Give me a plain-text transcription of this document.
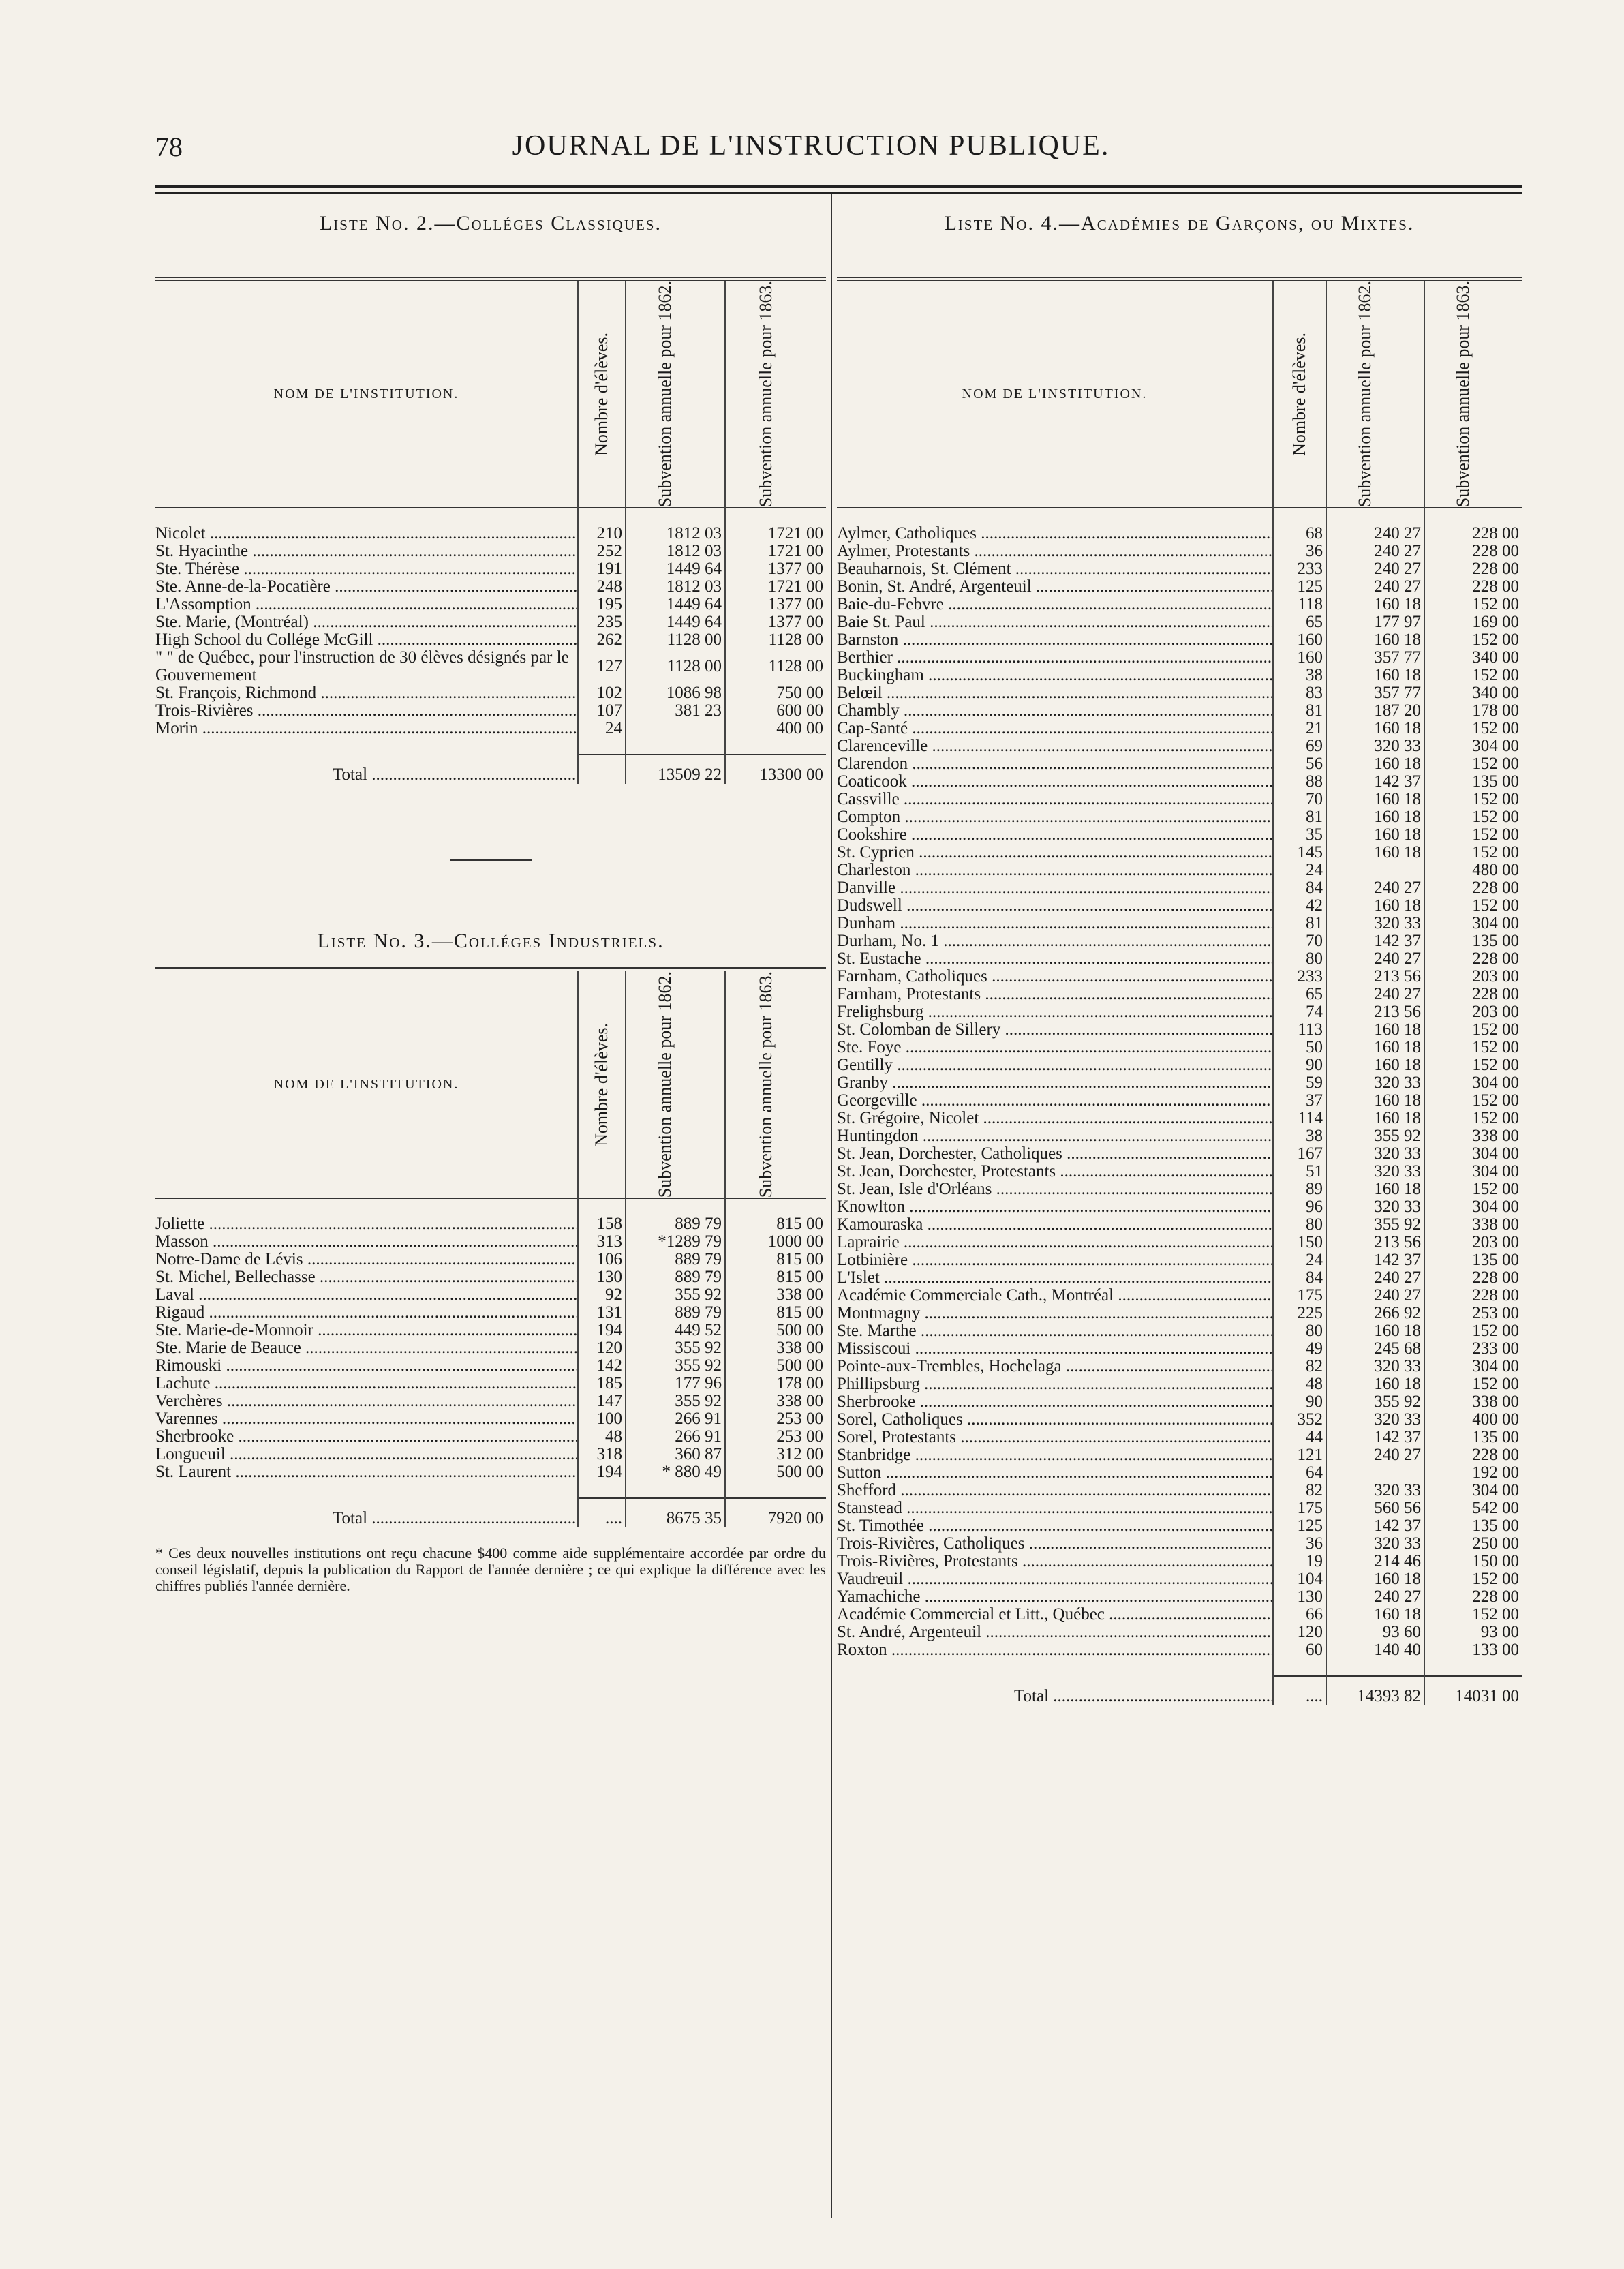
78	JOURNAL DE L'INSTRUCTION PUBLIQUE.
Liste No. 2.—Colléges Classiques.
NOM DE L'INSTITUTION.	Nombre d'élèves.	Subvention annuelle pour 1862.	Subvention annuelle pour 1863.

Nicolet .....	210	1812 03	1721 00
St. Hyacinthe .....	252	1812 03	1721 00
Ste. Thérèse .....	191	1449 64	1377 00
Ste. Anne-de-la-Pocatière .....	248	1812 03	1721 00
L'Assomption .....	195	1449 64	1377 00
Ste. Marie, (Montréal) .....	235	1449 64	1377 00
High School du Collége McGill .....	262	1128 00	1128 00
" " de Québec, pour l'instruction de 30 élèves désignés par le Gouvernement	127	1128 00	1128 00
St. François, Richmond .....	102	1086 98	750 00
Trois-Rivières .....	107	381 23	600 00
Morin .....	24		400 00

Total .....		13509 22	13300 00
Liste No. 3.—Colléges Industriels.
NOM DE L'INSTITUTION.	Nombre d'élèves.	Subvention annuelle pour 1862.	Subvention annuelle pour 1863.

Joliette .....	158	889 79	815 00
Masson .....	313	*1289 79	1000 00
Notre-Dame de Lévis .....	106	889 79	815 00
St. Michel, Bellechasse .....	130	889 79	815 00
Laval .....	92	355 92	338 00
Rigaud .....	131	889 79	815 00
Ste. Marie-de-Monnoir .....	194	449 52	500 00
Ste. Marie de Beauce .....	120	355 92	338 00
Rimouski .....	142	355 92	500 00
Lachute .....	185	177 96	178 00
Verchères .....	147	355 92	338 00
Varennes .....	100	266 91	253 00
Sherbrooke .....	48	266 91	253 00
Longueuil .....	318	360 87	312 00
St. Laurent .....	194	* 880 49	500 00

Total .....	....	8675 35	7920 00
* Ces deux nouvelles institutions ont reçu chacune $400 comme aide supplémentaire accordée par ordre du conseil législatif, depuis la publication du Rapport de l'année dernière ; ce qui explique la différence avec les chiffres publiés l'année dernière.
Liste No. 4.—Académies de Garçons, ou Mixtes.
NOM DE L'INSTITUTION.	Nombre d'élèves.	Subvention annuelle pour 1862.	Subvention annuelle pour 1863.

Aylmer, Catholiques .....	68	240 27	228 00
Aylmer, Protestants .....	36	240 27	228 00
Beauharnois, St. Clément .....	233	240 27	228 00
Bonin, St. André, Argenteuil .....	125	240 27	228 00
Baie-du-Febvre .....	118	160 18	152 00
Baie St. Paul .....	65	177 97	169 00
Barnston .....	160	160 18	152 00
Berthier .....	160	357 77	340 00
Buckingham .....	38	160 18	152 00
Belœil .....	83	357 77	340 00
Chambly .....	81	187 20	178 00
Cap-Santé .....	21	160 18	152 00
Clarenceville .....	69	320 33	304 00
Clarendon .....	56	160 18	152 00
Coaticook .....	88	142 37	135 00
Cassville .....	70	160 18	152 00
Compton .....	81	160 18	152 00
Cookshire .....	35	160 18	152 00
St. Cyprien .....	145	160 18	152 00
Charleston .....	24		480 00
Danville .....	84	240 27	228 00
Dudswell .....	42	160 18	152 00
Dunham .....	81	320 33	304 00
Durham, No. 1 .....	70	142 37	135 00
St. Eustache .....	80	240 27	228 00
Farnham, Catholiques .....	233	213 56	203 00
Farnham, Protestants .....	65	240 27	228 00
Frelighsburg .....	74	213 56	203 00
St. Colomban de Sillery .....	113	160 18	152 00
Ste. Foye .....	50	160 18	152 00
Gentilly .....	90	160 18	152 00
Granby .....	59	320 33	304 00
Georgeville .....	37	160 18	152 00
St. Grégoire, Nicolet .....	114	160 18	152 00
Huntingdon .....	38	355 92	338 00
St. Jean, Dorchester, Catholiques .....	167	320 33	304 00
St. Jean, Dorchester, Protestants .....	51	320 33	304 00
St. Jean, Isle d'Orléans .....	89	160 18	152 00
Knowlton .....	96	320 33	304 00
Kamouraska .....	80	355 92	338 00
Laprairie .....	150	213 56	203 00
Lotbinière .....	24	142 37	135 00
L'Islet .....	84	240 27	228 00
Académie Commerciale Cath., Montréal .....	175	240 27	228 00
Montmagny .....	225	266 92	253 00
Ste. Marthe .....	80	160 18	152 00
Missiscoui .....	49	245 68	233 00
Pointe-aux-Trembles, Hochelaga .....	82	320 33	304 00
Phillipsburg .....	48	160 18	152 00
Sherbrooke .....	90	355 92	338 00
Sorel, Catholiques .....	352	320 33	400 00
Sorel, Protestants .....	44	142 37	135 00
Stanbridge .....	121	240 27	228 00
Sutton .....	64		192 00
Shefford .....	82	320 33	304 00
Stanstead .....	175	560 56	542 00
St. Timothée .....	125	142 37	135 00
Trois-Rivières, Catholiques .....	36	320 33	250 00
Trois-Rivières, Protestants .....	19	214 46	150 00
Vaudreuil .....	104	160 18	152 00
Yamachiche .....	130	240 27	228 00
Académie Commercial et Litt., Québec .....	66	160 18	152 00
St. André, Argenteuil .....	120	93 60	93 00
Roxton .....	60	140 40	133 00

Total .....	....	14393 82	14031 00
